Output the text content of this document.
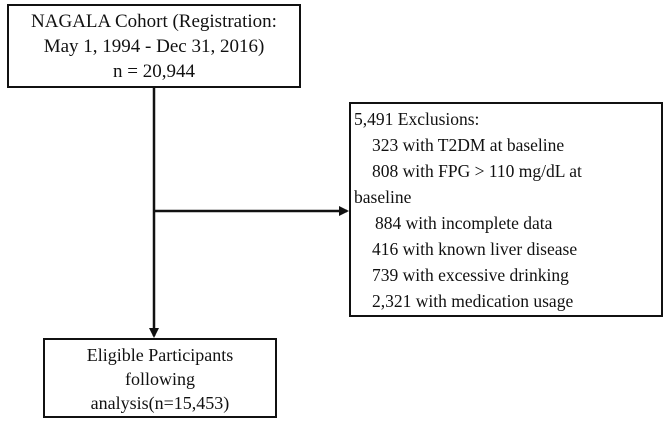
NAGALA Cohort (Registration:
May 1, 1994 - Dec 31, 2016)
n = 20,944
5,491 Exclusions:
323 with T2DM at baseline
808 with FPG > 110 mg/dL at
baseline
884 with incomplete data
416 with known liver disease
739 with excessive drinking
2,321 with medication usage
Eligible Participants
following
analysis(n=15,453)
